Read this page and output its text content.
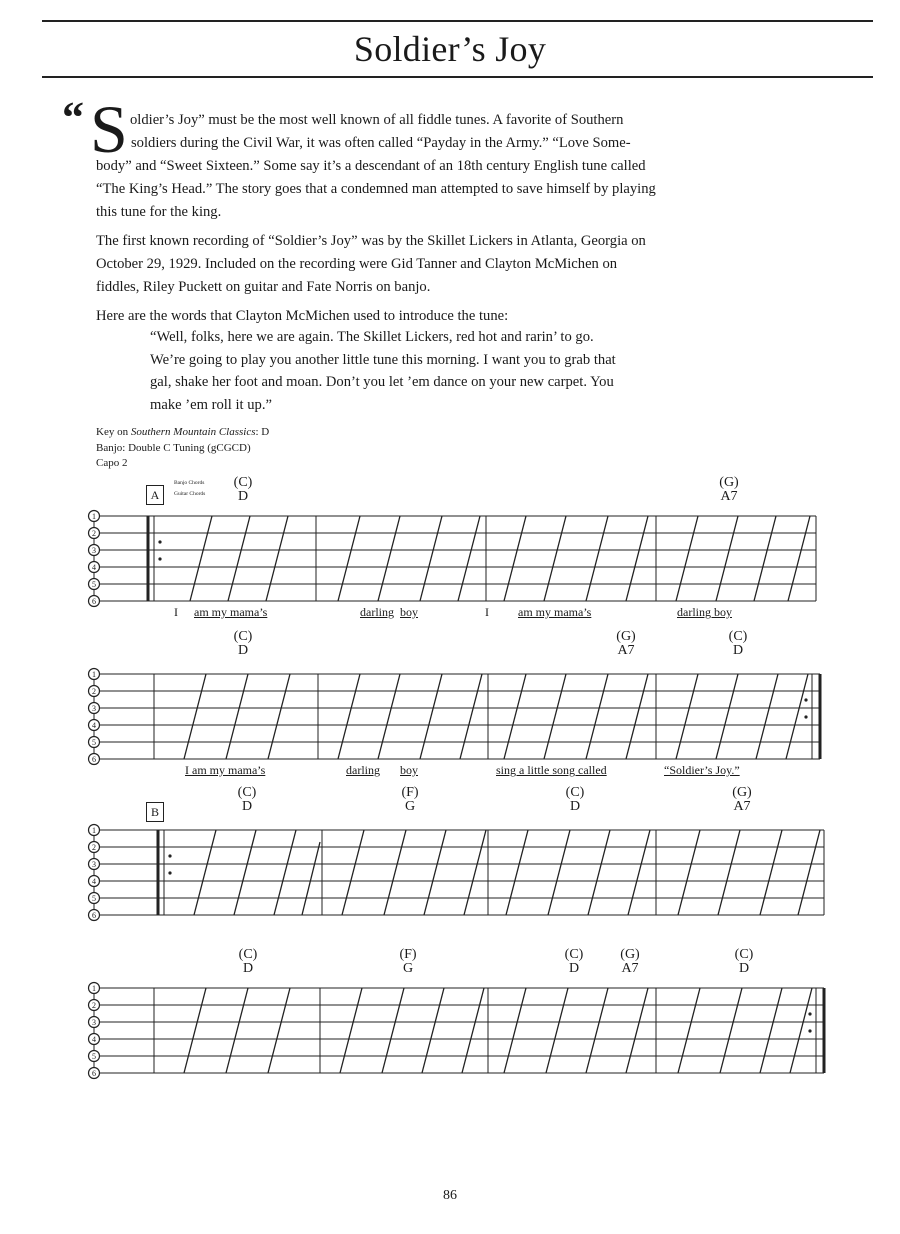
Soldier’s Joy
“ S oldier’s Joy” must be the most well known of all fiddle tunes. A favorite of Southern
soldiers during the Civil War, it was often called “Payday in the Army.” “Love Some-
body” and “Sweet Sixteen.” Some say it’s a descendant of an 18th century English tune called
“The King’s Head.” The story goes that a condemned man attempted to save himself by playing
this tune for the king.
The first known recording of “Soldier’s Joy” was by the Skillet Lickers in Atlanta, Georgia on
October 29, 1929. Included on the recording were Gid Tanner and Clayton McMichen on
fiddles, Riley Puckett on guitar and Fate Norris on banjo.
Here are the words that Clayton McMichen used to introduce the tune:
“Well, folks, here we are again. The Skillet Lickers, red hot and rarin’ to go.
We’re going to play you another little tune this morning. I want you to grab that
gal, shake her foot and moan. Don’t you let ’em dance on your new carpet. You
make ’em roll it up.”
Key on Southern Mountain Classics: D
Banjo: Double C Tuning (gCGCD)
Capo 2
A
Banjo Chords
Guitar Chords
(C)
D
(G)
A7
1
2
3
4
5
6
I am my mama’s	darling boy	I am my mama’s	darling boy
(C)
D
(G)
A7
(C)
D
1
2
3
4
5
6
I am my mama’s	darling boy	sing a little song called	“Soldier’s Joy.”
B
(C)
D
(F)
G
(C)
D
(G)
A7
1
2
3
4
5
6
(C)
D
(F)
G
(C)
D
(G)
A7
(C)
D
1
2
3
4
5
6
86
